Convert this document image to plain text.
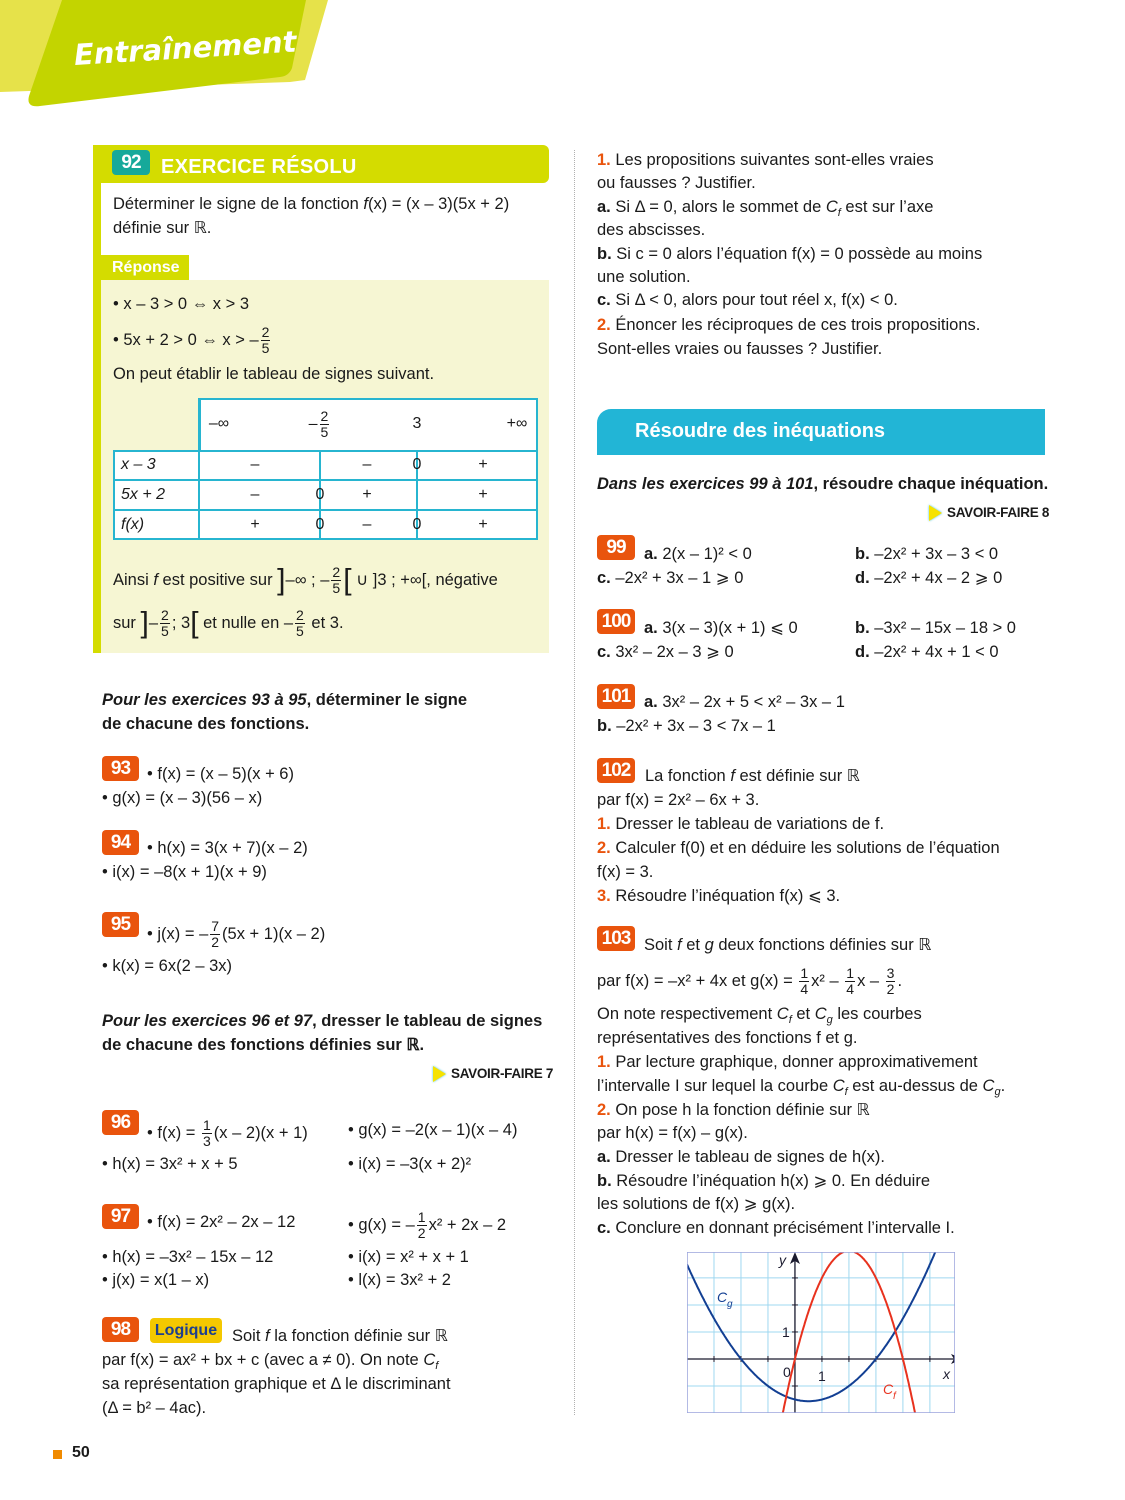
Entraînement
92	EXERCICE RÉSOLU
Déterminer le signe de la fonction f(x) = (x – 3)(5x + 2)
définie sur ℝ.
Réponse
• x – 3 > 0 ⇔ x > 3
• 5x + 2 > 0 ⇔ x > – $\frac{2}{5}$
On peut établir le tableau de signes suivant.
–∞	– $\frac{2}{5}$	3	+∞
x – 3	–	–	0	+
5x + 2	–	0	+	+
f(x)	+	0	–	0	+
Ainsi f est positive sur ]–∞ ; – $\frac{2}{5}$ [ ∪ ]3 ; +∞[, négative
sur ]– $\frac{2}{5}$ ; 3[ et nulle en – $\frac{2}{5}$ et 3.
Pour les exercices 93 à 95, déterminer le signe
de chacune des fonctions.
93	• f(x) = (x – 5)(x + 6)
• g(x) = (x – 3)(56 – x)
94	• h(x) = 3(x + 7)(x – 2)
• i(x) = –8(x + 1)(x + 9)
95	• j(x) = – $\frac{7}{2} (5x + 1)(x - 2)$
• k(x) = 6x(2 – 3x)
Pour les exercices 96 et 97, dresser le tableau de signes
de chacune des fonctions définies sur ℝ.
SAVOIR-FAIRE 7
96	• $f(x) = \frac{1}{3} (x - 2)(x + 1)$ • g(x) = –2(x – 1)(x – 4)
• h(x) = 3x² + x + 5	• i(x) = –3(x + 2)²
97	• f(x) = 2x² – 2x – 12	• g(x) = – $\frac{1}{2} x^2 + 2x - 2$
• h(x) = –3x² – 15x – 12	• i(x) = x² + x + 1
• j(x) = x(1 – x)	• l(x) = 3x² + 2
98	Logique Soit f la fonction définie sur ℝ
par f(x) = ax² + bx + c (avec a ≠ 0). On note $C_f$
sa représentation graphique et Δ le discriminant
(Δ = b² – 4ac).
1. Les propositions suivantes sont-elles vraies
ou fausses ? Justifier.
a. Si Δ = 0, alors le sommet de $C_f$ est sur l’axe
des abscisses.
b. Si c = 0 alors l’équation f(x) = 0 possède au moins
une solution.
c. Si Δ < 0, alors pour tout réel x, f(x) < 0.
2. Énoncer les réciproques de ces trois propositions.
Sont-elles vraies ou fausses ? Justifier.
Résoudre des inéquations
Dans les exercices 99 à 101, résoudre chaque inéquation.
SAVOIR-FAIRE 8
99	a. 2(x – 1)² < 0	b. –2x² + 3x – 3 < 0
c. –2x² + 3x – 1 ⩾ 0	d. –2x² + 4x – 2 ⩾ 0
100 a. 3(x – 3)(x + 1) ⩽ 0	b. –3x² – 15x – 18 > 0
c. 3x² – 2x – 3 ⩾ 0	d. –2x² + 4x + 1 < 0
101 a. 3x² – 2x + 5 < x² – 3x – 1
b. –2x² + 3x – 3 < 7x – 1
102 La fonction f est définie sur ℝ
par f(x) = 2x² – 6x + 3.
1. Dresser le tableau de variations de f.
2. Calculer f(0) et en déduire les solutions de l’équation
f(x) = 3.
3. Résoudre l’inéquation f(x) ⩽ 3.
103 Soit f et g deux fonctions définies sur ℝ
par f(x) = –x² + 4x et $g(x) = \frac{1}{4} x^2 - \frac{1}{4}$ x – $\frac{3}{2}$ .
On note respectivement $C_f$ et $C_g$ les courbes
représentatives des fonctions f et g.
1. Par lecture graphique, donner approximativement
l’intervalle I sur lequel la courbe $C_f$ est au-dessus de $C_g$.
2. On pose h la fonction définie sur ℝ
par h(x) = f(x) – g(x).
a. Dresser le tableau de signes de h(x).
b. Résoudre l’inéquation h(x) ⩾ 0. En déduire
les solutions de f(x) ⩾ g(x).
c. Conclure en donnant précisément l’intervalle I.
y
x
1
1
0
C g
C f
50
